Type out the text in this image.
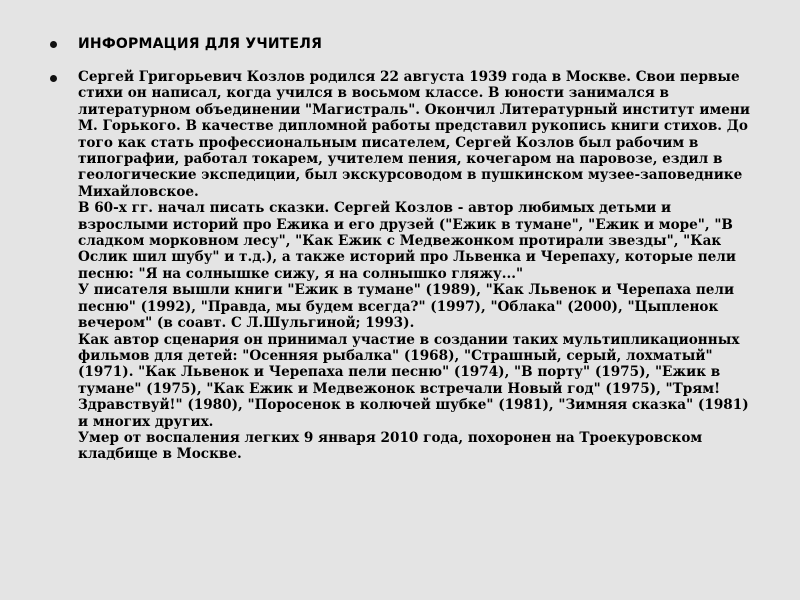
ИНФОРМАЦИЯ ДЛЯ УЧИТЕЛЯ

Сергей Григорьевич Козлов родился 22 августа 1939 года в Москве. Свои первые стихи он написал, когда учился в восьмом классе. В юности занимался в литературном объединении "Магистраль". Окончил Литературный институт имени М. Горького. В качестве дипломной работы представил рукопись книги стихов. До того как стать профессиональным писателем, Сергей Козлов был рабочим в типографии, работал токарем, учителем пения, кочегаром на паровозе, ездил в геологические экспедиции, был экскурсоводом в пушкинском музее-заповеднике Михайловское.

В 60-х гг. начал писать сказки. Сергей Козлов - автор любимых детьми и взрослыми историй про Ежика и его друзей ("Ежик в тумане", "Ежик и море", "В сладком морковном лесу", "Как Ежик с Медвежонком протирали звезды", "Как Ослик шил шубу" и т.д.), а также историй про Львенка и Черепаху, которые пели песню: "Я на солнышке сижу, я на солнышко гляжу..."

У писателя вышли книги "Ежик в тумане" (1989), "Как Львенок и Черепаха пели песню" (1992), "Правда, мы будем всегда?" (1997), "Облака" (2000), "Цыпленок вечером" (в соавт. С Л.Шульгиной; 1993).

Как автор сценария он принимал участие в создании таких мультипликационных фильмов для детей: "Осенняя рыбалка" (1968), "Страшный, серый, лохматый" (1971). "Как Львенок и Черепаха пели песню" (1974), "В порту" (1975), "Ежик в тумане" (1975), "Как Ежик и Медвежонок встречали Новый год" (1975), "Трям! Здравствуй!" (1980), "Поросенок в колючей шубке" (1981), "Зимняя сказка" (1981) и многих других.

Умер от воспаления легких 9 января 2010 года, похоронен на Троекуровском кладбище в Москве.
